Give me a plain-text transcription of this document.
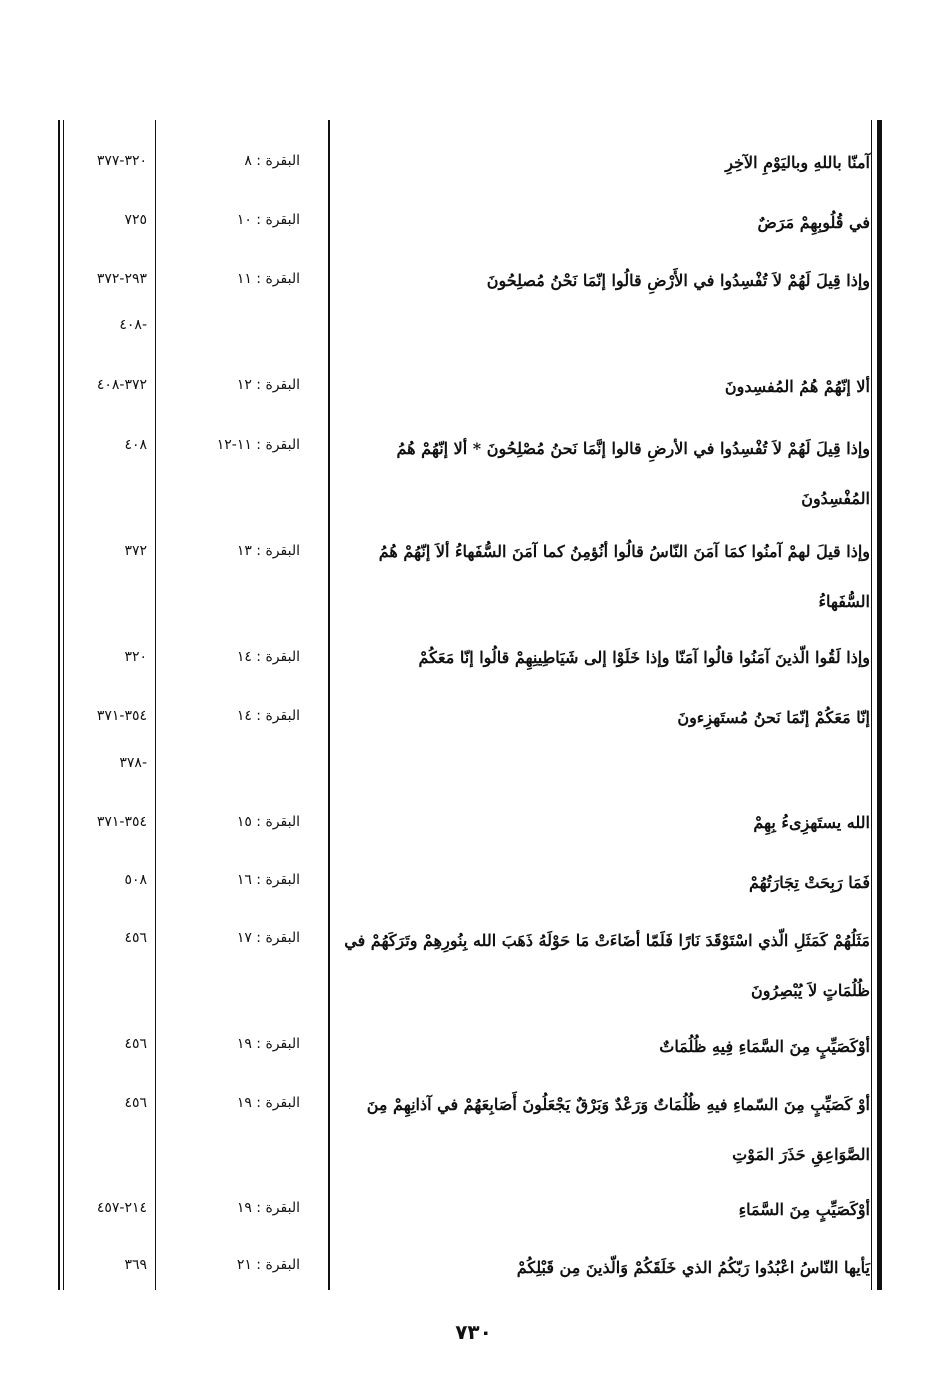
آمنّا باللهِ وباليَوْمِ الآخِرِ
البقرة : ٨
٣٢٠-٣٧٧
في قُلُوبِهِمْ مَرَضٌ
البقرة : ١٠
٧٢٥
وإذا قِيلَ لَهُمْ لاَ تُفْسِدُوا في الأَرْضِ قالُوا إنّمَا نَحْنُ مُصلِحُونَ
البقرة : ١١
٢٩٣-٣٧٢
-٤٠٨
ألا إنّهُمْ هُمُ المُفسِدونَ
البقرة : ١٢
٣٧٢-٤٠٨
وإذا قِيلَ لَهُمْ لاَ تُفْسِدُوا في الأرضِ قالوا إنَّمَا نَحنُ مُصْلِحُونَ * ألا إنّهُمْ هُمُ المُفْسِدُونَ
البقرة : ١١-١٢
٤٠٨
وإذا قيلَ لهمْ آمنُوا كمَا آمَنَ النّاسُ قالُوا أنُؤمِنُ كما آمَنَ السُّفَهاءُ ألاَ إنّهُمْ هُمُ السُّفَهاءُ
البقرة : ١٣
٣٧٢
وإذا لَقُوا الّذينَ آمَنُوا قالُوا آمَنّا وإذا خَلَوْا إلى شَيَاطِينِهِمْ قالُوا إنّا مَعَكُمْ
البقرة : ١٤
٣٢٠
إنّا مَعَكُمْ إنّمَا نَحنُ مُستَهزِءونَ
البقرة : ١٤
٣٥٤-٣٧١
-٣٧٨
الله يستَهزِىءُ بِهِمْ
البقرة : ١٥
٣٥٤-٣٧١
فَمَا رَبِحَتْ تِجَارَتُهُمْ
البقرة : ١٦
٥٠٨
مَثَلُهُمْ كَمَثَلِ الّذي اسْتَوْقَدَ نَارًا فَلَمّا أضَاءَتْ مَا حَوْلَهُ ذَهَبَ الله بِنُورِهِمْ وتَرَكَهُمْ في ظُلُمَاتٍ لاَ يُبْصِرُونَ
البقرة : ١٧
٤٥٦
أوْكَصَيِّبٍ مِنَ السَّمَاءِ فِيهِ ظُلُمَاتٌ
البقرة : ١٩
٤٥٦
أوْ كَصَيِّبٍ مِنَ السّماءِ فيهِ ظُلُمَاتٌ وَرَعْدٌ وَبَرْقٌ يَجْعَلُونَ أَصَابِعَهُمْ في آذانِهِمْ مِنَ الصَّوَاعِقِ حَذَرَ المَوْتِ
البقرة : ١٩
٤٥٦
أوْكَصَيِّبٍ مِنَ السَّمَاءِ
البقرة : ١٩
٢١٤-٤٥٧
يَأيها النّاسُ اعْبُدُوا رَبّكُمُ الذي خَلَقَكُمْ وَالّذينَ مِن قَبْلِكُمْ
البقرة : ٢١
٣٦٩
٧٣٠
